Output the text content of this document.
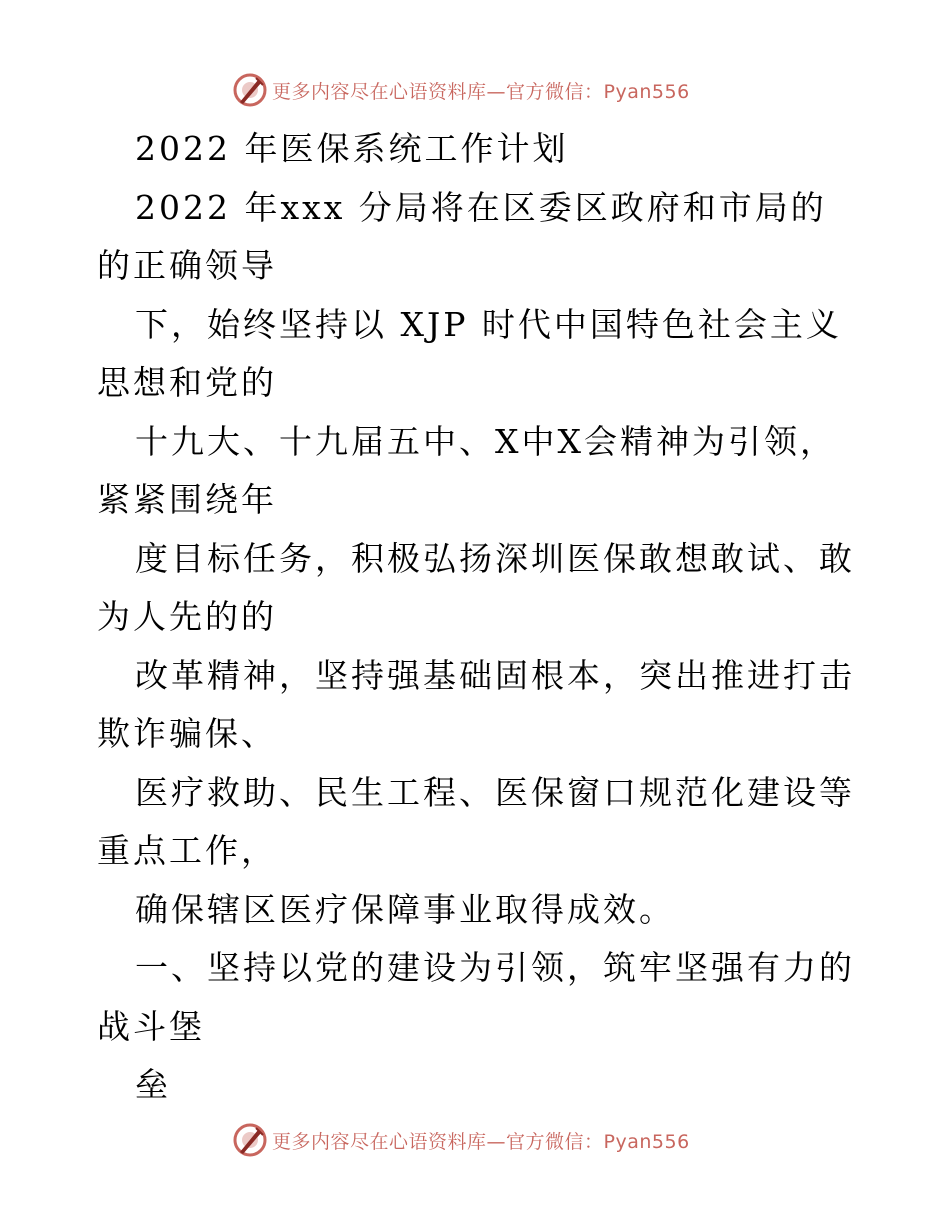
更多内容尽在心语资料库—官方微信：Pyan556

2022 年医保系统工作计划

2022 年xxx 分局将在区委区政府和市局的

的正确领导

下，始终坚持以 XJP 时代中国特色社会主义

思想和党的

十九大、十九届五中、X中X会精神为引领，

紧紧围绕年

度目标任务，积极弘扬深圳医保敢想敢试、敢

为人先的的

改革精神，坚持强基础固根本，突出推进打击

欺诈骗保、

医疗救助、民生工程、医保窗口规范化建设等

重点工作，

确保辖区医疗保障事业取得成效。

一、坚持以党的建设为引领，筑牢坚强有力的

战斗堡

垒

更多内容尽在心语资料库—官方微信：Pyan556
